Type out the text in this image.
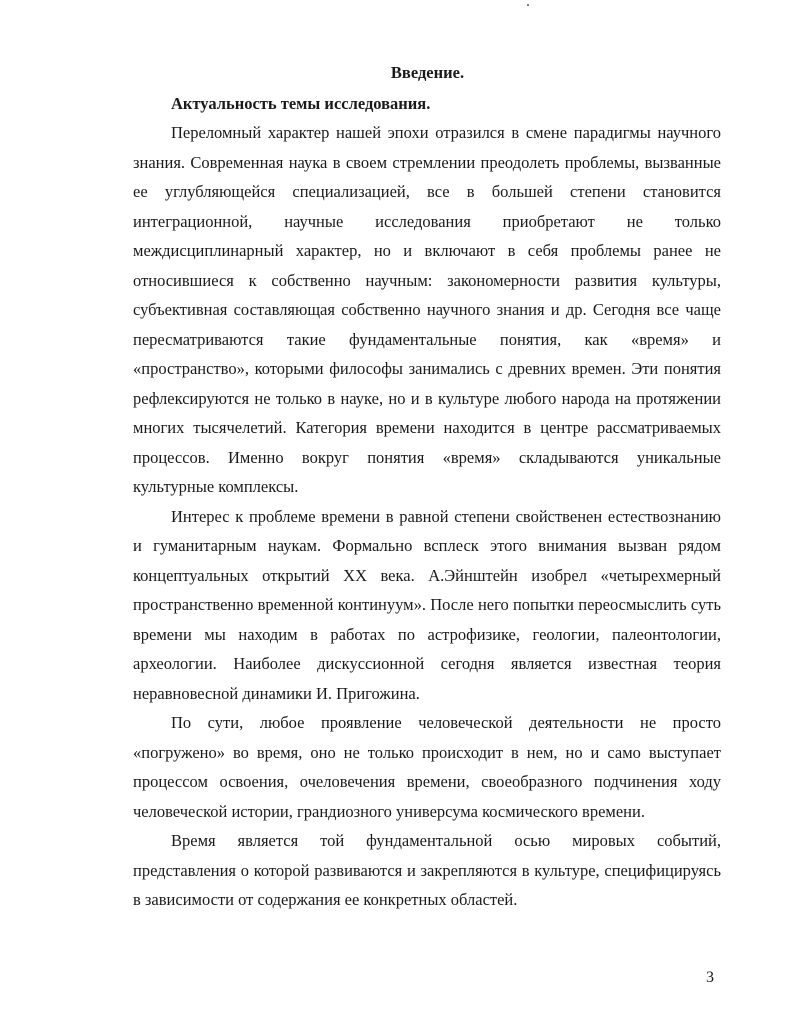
Введение.
Актуальность темы исследования.

Переломный характер нашей эпохи отразился в смене парадигмы научного знания. Современная наука в своем стремлении преодолеть проблемы, вызванные ее углубляющейся специализацией, все в большей степени становится интеграционной, научные исследования приобретают не только междисциплинарный характер, но и включают в себя проблемы ранее не относившиеся к собственно научным: закономерности развития культуры, субъективная составляющая собственно научного знания и др. Сегодня все чаще пересматриваются такие фундаментальные понятия, как «время» и «пространство», которыми философы занимались с древних времен. Эти понятия рефлексируются не только в науке, но и в культуре любого народа на протяжении многих тысячелетий. Категория времени находится в центре рассматриваемых процессов. Именно вокруг понятия «время» складываются уникальные культурные комплексы.

Интерес к проблеме времени в равной степени свойственен естествознанию и гуманитарным наукам. Формально всплеск этого внимания вызван рядом концептуальных открытий XX века. А.Эйнштейн изобрел «четырехмерный пространственно временной континуум». После него попытки переосмыслить суть времени мы находим в работах по астрофизике, геологии, палеонтологии, археологии. Наиболее дискуссионной сегодня является известная теория неравновесной динамики И. Пригожина.

По сути, любое проявление человеческой деятельности не просто «погружено» во время, оно не только происходит в нем, но и само выступает процессом освоения, очеловечения времени, своеобразного подчинения ходу человеческой истории, грандиозного универсума космического времени.

Время является той фундаментальной осью мировых событий, представления о которой развиваются и закрепляются в культуре, специфицируясь в зависимости от содержания ее конкретных областей.

3
